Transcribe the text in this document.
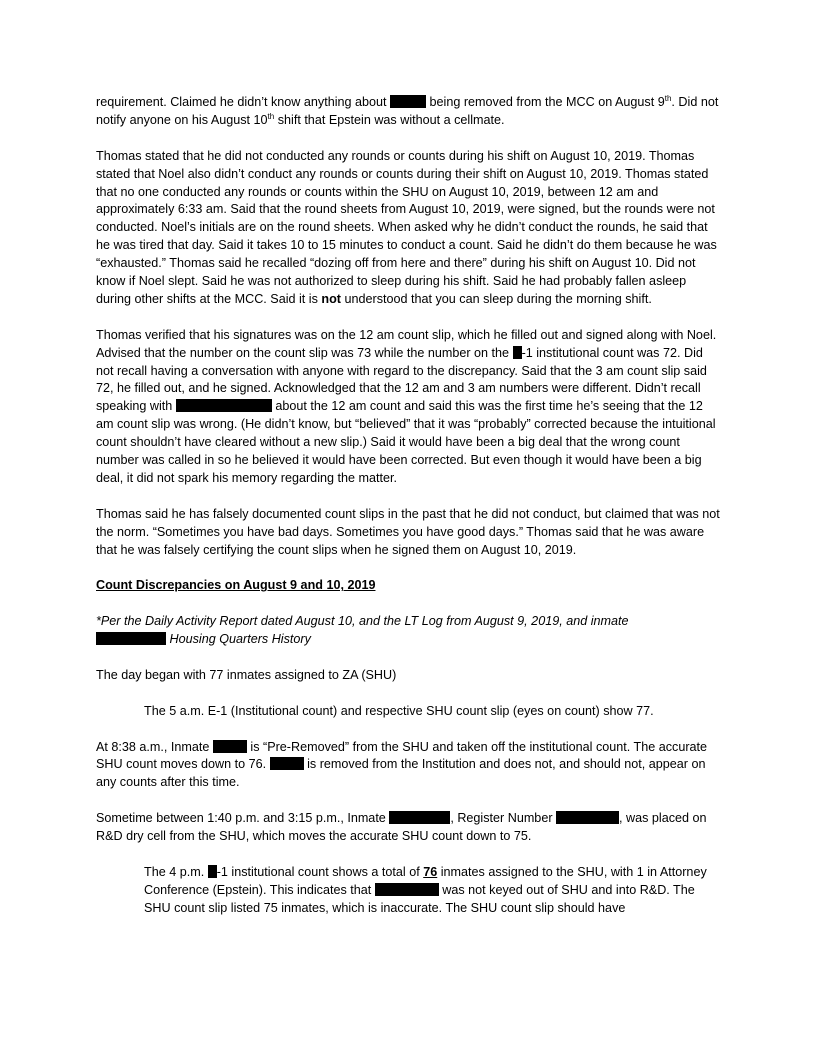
requirement. Claimed he didn’t know anything about	being removed from the MCC on August 9th. Did not notify anyone on his August 10th shift that Epstein was without a cellmate.

Thomas stated that he did not conducted any rounds or counts during his shift on August 10, 2019. Thomas stated that Noel also didn’t conduct any rounds or counts during their shift on August 10, 2019. Thomas stated that no one conducted any rounds or counts within the SHU on August 10, 2019, between 12 am and approximately 6:33 am. Said that the round sheets from August 10, 2019, were signed, but the rounds were not conducted. Noel’s initials are on the round sheets. When asked why he didn’t conduct the rounds, he said that he was tired that day. Said it takes 10 to 15 minutes to conduct a count. Said he didn’t do them because he was “exhausted.” Thomas said he recalled “dozing off from here and there” during his shift on August 10. Did not know if Noel slept. Said he was not authorized to sleep during his shift. Said he had probably fallen asleep during other shifts at the MCC. Said it is not understood that you can sleep during the morning shift.

Thomas verified that his signatures was on the 12 am count slip, which he filled out and signed along with Noel. Advised that the number on the count slip was 73 while the number on the -1 institutional count was 72. Did not recall having a conversation with anyone with regard to the discrepancy. Said that the 3 am count slip said 72, he filled out, and he signed. Acknowledged that the 12 am and 3 am numbers were different. Didn’t recall speaking with	about the 12 am count and said this was the first time he’s seeing that the 12 am count slip was wrong. (He didn’t know, but “believed” that it was “probably” corrected because the intuitional count shouldn’t have cleared without a new slip.) Said it would have been a big deal that the wrong count number was called in so he believed it would have been corrected. But even though it would have been a big deal, it did not spark his memory regarding the matter.

Thomas said he has falsely documented count slips in the past that he did not conduct, but claimed that was not the norm. “Sometimes you have bad days. Sometimes you have good days.” Thomas said that he was aware that he was falsely certifying the count slips when he signed them on August 10, 2019.

Count Discrepancies on August 9 and 10, 2019

*Per the Daily Activity Report dated August 10, and the LT Log from August 9, 2019, and inmate
Housing Quarters History

The day began with 77 inmates assigned to ZA (SHU)

The 5 a.m. E-1 (Institutional count) and respective SHU count slip (eyes on count) show 77.

At 8:38 a.m., Inmate	is “Pre-Removed” from the SHU and taken off the institutional count. The accurate SHU count moves down to 76.	is removed from the Institution and does not, and should not, appear on any counts after this time.

Sometime between 1:40 p.m. and 3:15 p.m., Inmate	, Register Number	, was placed on R&D dry cell from the SHU, which moves the accurate SHU count down to 75.

The 4 p.m. -1 institutional count shows a total of 76 inmates assigned to the SHU, with 1 in Attorney Conference (Epstein). This indicates that	was not keyed out of SHU and into R&D. The SHU count slip listed 75 inmates, which is inaccurate. The SHU count slip should have
